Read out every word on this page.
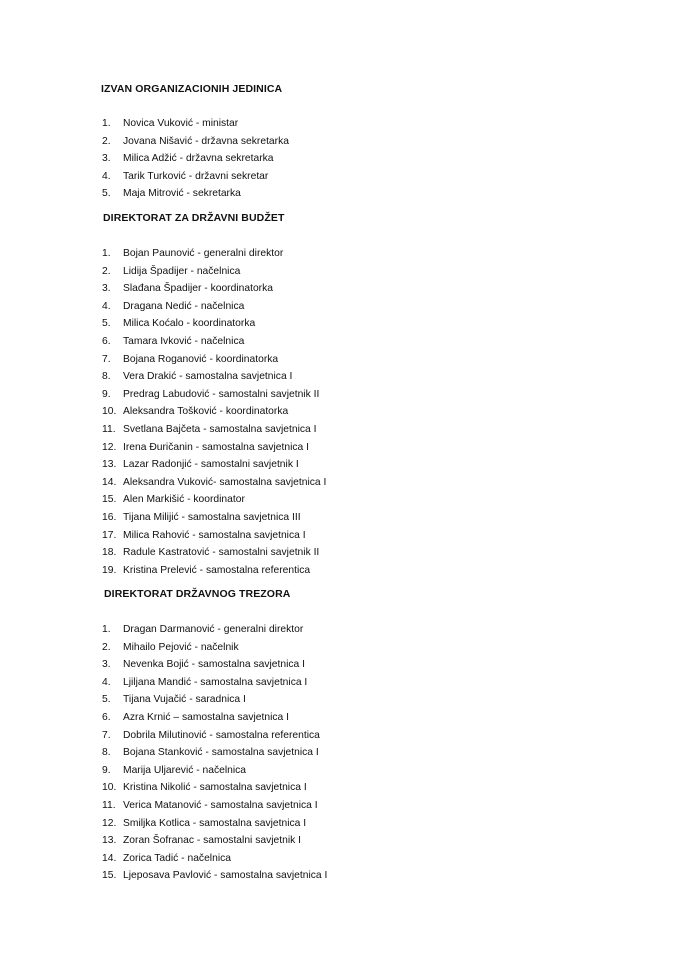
IZVAN ORGANIZACIONIH JEDINICA
1. Novica Vuković - ministar
2. Jovana Nišavić - državna sekretarka
3. Milica Adžić - državna sekretarka
4. Tarik Turković - državni sekretar
5. Maja Mitrović - sekretarka
DIREKTORAT ZA DRŽAVNI BUDŽET
1. Bojan Paunović - generalni direktor
2. Lidija Špadijer - načelnica
3. Slađana Špadijer - koordinatorka
4. Dragana Nedić - načelnica
5. Milica Koćalo - koordinatorka
6. Tamara Ivković - načelnica
7. Bojana Roganović - koordinatorka
8. Vera Drakić - samostalna savjetnica I
9. Predrag Labudović - samostalni savjetnik II
10. Aleksandra Tošković - koordinatorka
11. Svetlana Bajčeta - samostalna savjetnica I
12. Irena Đuričanin - samostalna savjetnica I
13. Lazar Radonjić - samostalni savjetnik I
14. Aleksandra Vuković- samostalna savjetnica I
15. Alen Markišić - koordinator
16. Tijana Milijić - samostalna savjetnica III
17. Milica Rahović - samostalna savjetnica I
18. Radule Kastratović - samostalni savjetnik II
19. Kristina Prelević - samostalna referentica
DIREKTORAT DRŽAVNOG TREZORA
1. Dragan Darmanović - generalni direktor
2. Mihailo Pejović - načelnik
3. Nevenka Bojić - samostalna savjetnica I
4. Ljiljana Mandić - samostalna savjetnica I
5. Tijana Vujačić - saradnica I
6. Azra Krnić – samostalna savjetnica I
7. Dobrila Milutinović - samostalna referentica
8. Bojana Stanković - samostalna savjetnica I
9. Marija Uljarević - načelnica
10. Kristina Nikolić - samostalna savjetnica I
11. Verica Matanović - samostalna savjetnica I
12. Smiljka Kotlica - samostalna savjetnica I
13. Zoran Šofranac - samostalni savjetnik I
14. Zorica Tadić - načelnica
15. Ljeposava Pavlović - samostalna savjetnica I
